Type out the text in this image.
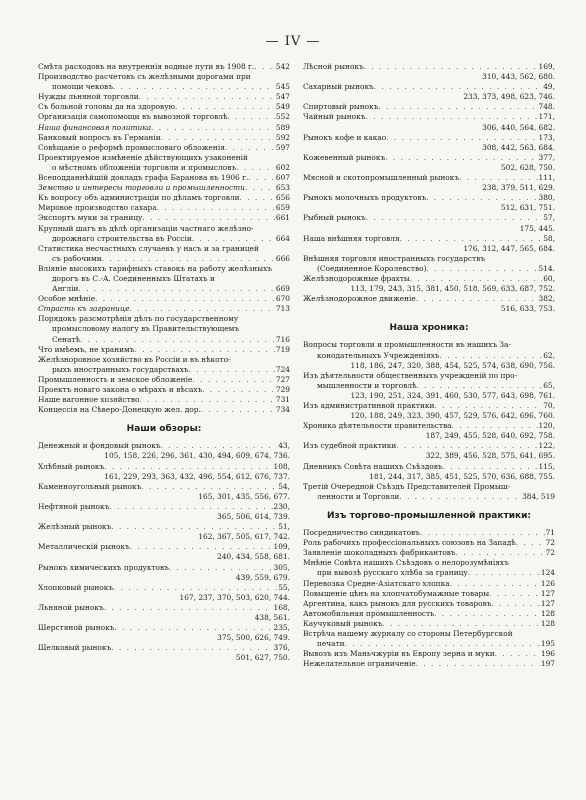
— IV —
Смѣта расходовъ на внутреннія водные пути въ 1908 г. . . .	542
Производство расчетовъ съ желѣзными дорогами при
помощи чековъ . . .	545
Нужды льняной торговли . . .	547
Съ больной головы да на здоровую . . .	549
Организація самопомощи въ вывозной торговлѣ . . .	552
Наша финансовая политика . . .	589
Банковый вопросъ въ Германіи . . .	592
Совѣщаніе о реформѣ промысловаго обложенія . . .	597
Проектируемое измѣненіе дѣйствующихъ узаконеній
о мѣстномъ обложеніи торговли и промысловъ . . .	602
Всеподданнѣйшій докладъ графа Баранова въ 1906 г. . . .	607
Земство и интересы торговли и промышленности . . .	653
Къ вопросу объ администраціи по дѣламъ торговли . . .	656
Мировое производство сахара . . .	659
Экспортъ муки за границу . . .	661
Крупный шагъ въ дѣлѣ организаціи частнаго желѣзно-
дорожнаго строительства въ Россіи . . .	664
Статистика несчастныхъ случаевъ у насъ и за границей
съ рабочими . . .	666
Вліяніе высокихъ тарифныхъ ставокъ на работу желѣзныхъ
дорогъ въ С.-А. Соединенныхъ Штатахъ и
Англіи . . .	669
Особое мнѣніе . . .	670
Страсть къ загранице . . .	713
Порядокъ разсмотрѣнія дѣлъ по государственному
промысловому налогу въ Правительствующемъ
Сенатѣ . . .	716
Что имѣемъ, не хранимъ . . .	719
Желѣзноровное хозяйство въ Россіи и въ нѣкото-
рыхъ иностранныхъ государствахъ . . .	724
Промышленность и земское обложеніе . . .	727
Проектъ новаго закона о мѣрахъ и вѣсахъ . . .	729
Наше вагонное хозяйство . . .	731
Концессія на Сѣверо-Донецкую жел. дор. . . .	734
Наши обзоры:
Денежный и фондовый рынокъ . . .	43,
105, 158, 226, 296, 361, 430, 494, 609, 674, 736.
Хлѣбный рынокъ . . .	108,
161, 229, 293, 363, 432, 496, 554, 612, 676, 737.
Каменноугольный рынокъ . . .	54,
165, 301, 435, 556, 677.
Нефтяной рынокъ . . .	230,
365, 506, 614, 739.
Желѣзный рынокъ . . .	51,
162, 367, 505, 617, 742.
Металлическій рынокъ . . .	109,
240, 434, 558, 681.
Рынокъ химическихъ продуктовъ . . .	305,
439, 559, 679.
Хлопковый рынокъ . . .	55,
167, 237, 370, 503, 620, 744.
Льняной рынокъ . . .	168,
438, 561.
Шерстяной рынокъ . . .	235,
375, 500, 626, 749.
Шелковый рынокъ . . .	376,
501, 627, 750.
Лѣсной рынокъ . . .	169,
310, 443, 562, 680.
Сахарный рынокъ . . .	49,
233, 373, 498, 623, 746.
Спиртовый рынокъ . . .	748.
Чайный рынокъ . . .	171,
306, 440, 564, 682.
Рынокъ кофе и какао . . .	173,
308, 442, 563, 684.
Кожевенный рынокъ . . .	377,
502, 628, 750.
Мясной и скотопромышленный рынокъ . . .	111,
238, 379, 511, 629.
Рынокъ молочныхъ продуктовъ . . .	380,
512, 631, 751.
Рыбный рынокъ . . .	57,
175, 445.
Наша внѣшняя торговля . . .	58,
176, 312, 447, 565, 684.
Внѣшняя торговля иностранныхъ государствъ
(Соединенное Королевство) . . .	514.
Желѣзнодорожные фрахты . . .	60,
113, 179, 243, 315, 381, 450, 518, 569, 633, 687, 752.
Желѣзнодорожное движеніе . . .	382,
516, 633, 753.
Наша хроника:
Вопросы торговли и промышленности въ нашихъ За-
конодательныхъ Учрежденіяхъ . . .	62,
118, 186, 247, 320, 388, 454, 525, 574, 638, 690, 756.
Изъ дѣятельности общественныхъ учрежденій по про-
мышленности и торговлѣ . . .	65,
123, 190, 251, 324, 391, 460, 530, 577, 643, 698, 761.
Изъ администратинвой практики . . .	70,
120, 188, 249, 323, 390, 457, 529, 576, 642, 696, 760.
Хроника дѣятельности правительства . . .	120,
187, 249, 455, 528, 640, 692, 758.
Изъ судебной практики . . .	122,
322, 389, 456, 528, 575, 641, 695.
Дневникъ Совѣта нашихъ Съѣздовъ . . .	115,
181, 244, 317, 385, 451, 525, 570, 636, 688, 755.
Третій Очередной Съѣздъ Представителей Промыш-
ленности и Торговли . . .	384, 519
Изъ торгово-промышленной практики:
Посредничество синдикатовъ . . .	71
Роль рабочихъ профессіональныхъ союзовъ на Западѣ . . .	72
Заявленіе шоколадныхъ фабрикантовъ . . .	72
Мнѣніе Совѣта нашихъ Съѣздовъ о нелорозумѣніяхъ
при вывозѣ русскаго хлѣба за границу . . .	124
Перевозка Средне-Азіатскаго хлопка . . .	126
Повышеніе цѣнъ на хлопчатобумажные товары . . .	127
Аргентина, какъ рынокъ для русскихъ товаровъ . . .	127
Автомобильная промышленность . . .	128
Каучуковый рынокъ . . .	128
Встрѣча нашему журналу со стороны Петербургской
печати . . .	195
Вывозъ изъ Маньчжуріи въ Европу зерна и муки . . .	196
Нежелательное ограниченіе . . .	197
